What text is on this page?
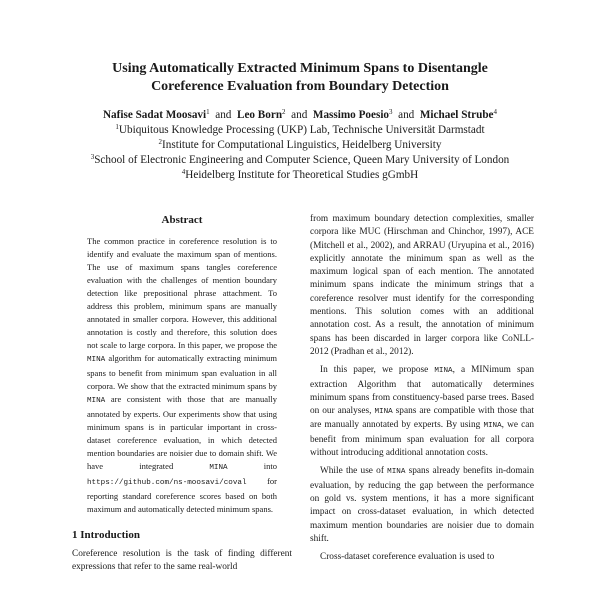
Using Automatically Extracted Minimum Spans to Disentangle
Coreference Evaluation from Boundary Detection
Nafise Sadat Moosavi$^1$ and Leo Born$^2$ and Massimo Poesio$^3$ and Michael Strube$^4$
$^1$Ubiquitous Knowledge Processing (UKP) Lab, Technische Universität Darmstadt
$^2$Institute for Computational Linguistics, Heidelberg University
$^3$School of Electronic Engineering and Computer Science, Queen Mary University of London
$^4$Heidelberg Institute for Theoretical Studies gGmbH
Abstract

The common practice in coreference resolution is to identify and evaluate the maximum span of mentions. The use of maximum spans tangles coreference evaluation with the challenges of mention boundary detection like prepositional phrase attachment. To address this problem, minimum spans are manually annotated in smaller corpora. However, this additional annotation is costly and therefore, this solution does not scale to large corpora. In this paper, we propose the MINA algorithm for automatically extracting minimum spans to benefit from minimum span evaluation in all corpora. We show that the extracted minimum spans by MINA are consistent with those that are manually annotated by experts. Our experiments show that using minimum spans is in particular important in cross-dataset coreference evaluation, in which detected mention boundaries are noisier due to domain shift. We have integrated MINA into https://github.com/ns-moosavi/coval for reporting standard coreference scores based on both maximum and automatically detected minimum spans.

1 Introduction

Coreference resolution is the task of finding different expressions that refer to the same real-world

from maximum boundary detection complexities, smaller corpora like MUC (Hirschman and Chinchor, 1997), ACE (Mitchell et al., 2002), and ARRAU (Uryupina et al., 2016) explicitly annotate the minimum span as well as the maximum logical span of each mention. The annotated minimum spans indicate the minimum strings that a coreference resolver must identify for the corresponding mentions. This solution comes with an additional annotation cost. As a result, the annotation of minimum spans has been discarded in larger corpora like CoNLL-2012 (Pradhan et al., 2012).

In this paper, we propose MINA, a MINimum span extraction Algorithm that automatically determines minimum spans from constituency-based parse trees. Based on our analyses, MINA spans are compatible with those that are manually annotated by experts. By using MINA, we can benefit from minimum span evaluation for all corpora without introducing additional annotation costs.

While the use of MINA spans already benefits in-domain evaluation, by reducing the gap between the performance on gold vs. system mentions, it has a more significant impact on cross-dataset evaluation, in which detected maximum mention boundaries are noisier due to domain shift.

Cross-dataset coreference evaluation is used to
